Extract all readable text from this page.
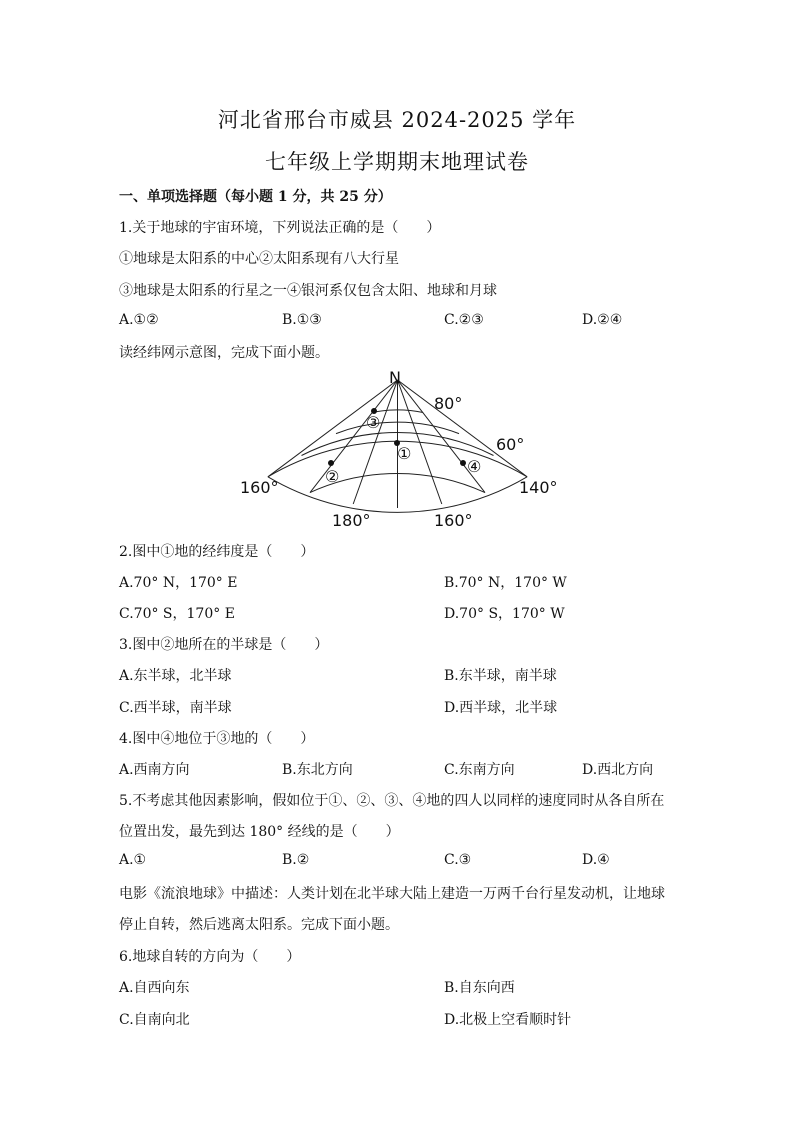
河北省邢台市威县 2024-2025 学年
七年级上学期期末地理试卷
一、单项选择题（每小题 1 分，共 25 分）
1.关于地球的宇宙环境，下列说法正确的是（　　）
①地球是太阳系的中心②太阳系现有八大行星
③地球是太阳系的行星之一④银河系仅包含太阳、地球和月球
A.①②	B.①③	C.②③	D.②④
读经纬网示意图，完成下面小题。
N
80°
60°
160°	140°
180°	160°
③
①
②
④
2.图中①地的经纬度是（　　）
A.70° N，170° E	B.70° N，170° W
C.70° S，170° E	D.70° S，170° W
3.图中②地所在的半球是（　　）
A.东半球，北半球	B.东半球，南半球
C.西半球，南半球	D.西半球，北半球
4.图中④地位于③地的（　　）
A.西南方向	B.东北方向	C.东南方向	D.西北方向
5.不考虑其他因素影响，假如位于①、②、③、④地的四人以同样的速度同时从各自所在
位置出发，最先到达 180° 经线的是（　　）
A.①	B.②	C.③	D.④
电影《流浪地球》中描述：人类计划在北半球大陆上建造一万两千台行星发动机，让地球
停止自转，然后逃离太阳系。完成下面小题。
6.地球自转的方向为（　　）
A.自西向东	B.自东向西
C.自南向北	D.北极上空看顺时针
